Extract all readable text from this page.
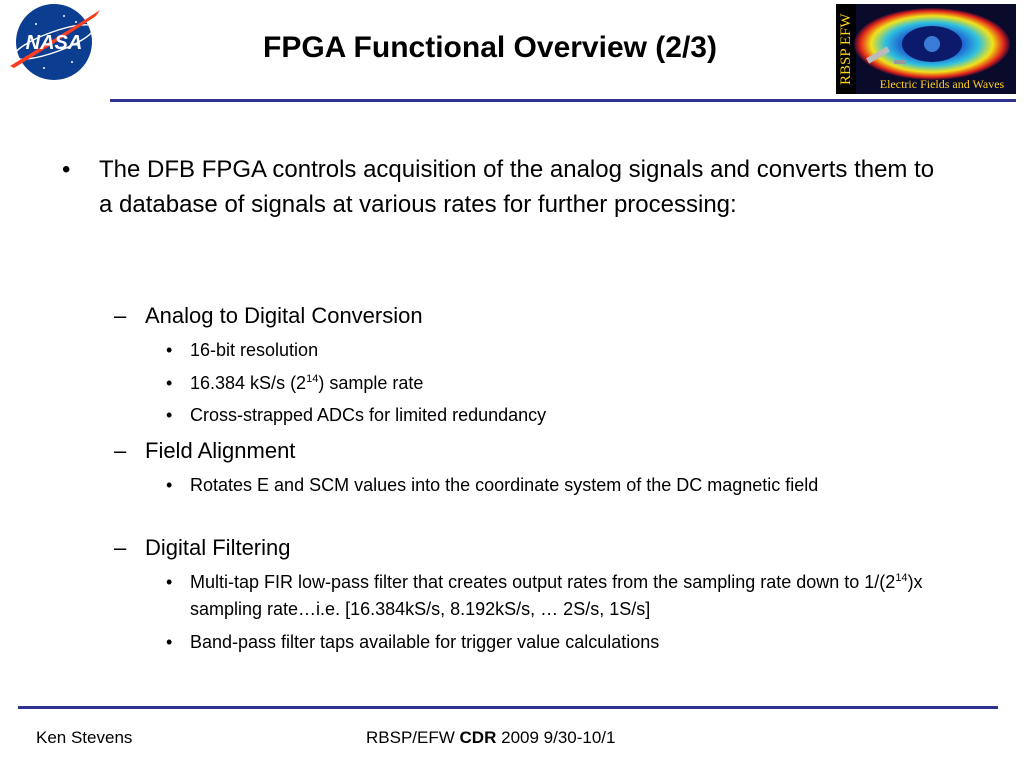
NASA	FPGA Functional Overview (2/3)	RBSP EFW	Electric Fields and Waves
• The DFB FPGA controls acquisition of the analog signals and converts them to a database of signals at various rates for further processing:
– Analog to Digital Conversion
• 16-bit resolution
• 16.384 kS/s $(2^{14})$ sample rate
• Cross-strapped ADCs for limited redundancy
– Field Alignment
• Rotates E and SCM values into the coordinate system of the DC magnetic field
– Digital Filtering
• Multi-tap FIR low-pass filter that creates output rates from the sampling rate down to $1/(2^{14})x$ sampling rate…i.e. [16.384kS/s, 8.192kS/s, … 2S/s, 1S/s]
• Band-pass filter taps available for trigger value calculations
Ken Stevens	RBSP/EFW CDR 2009 9/30-10/1
